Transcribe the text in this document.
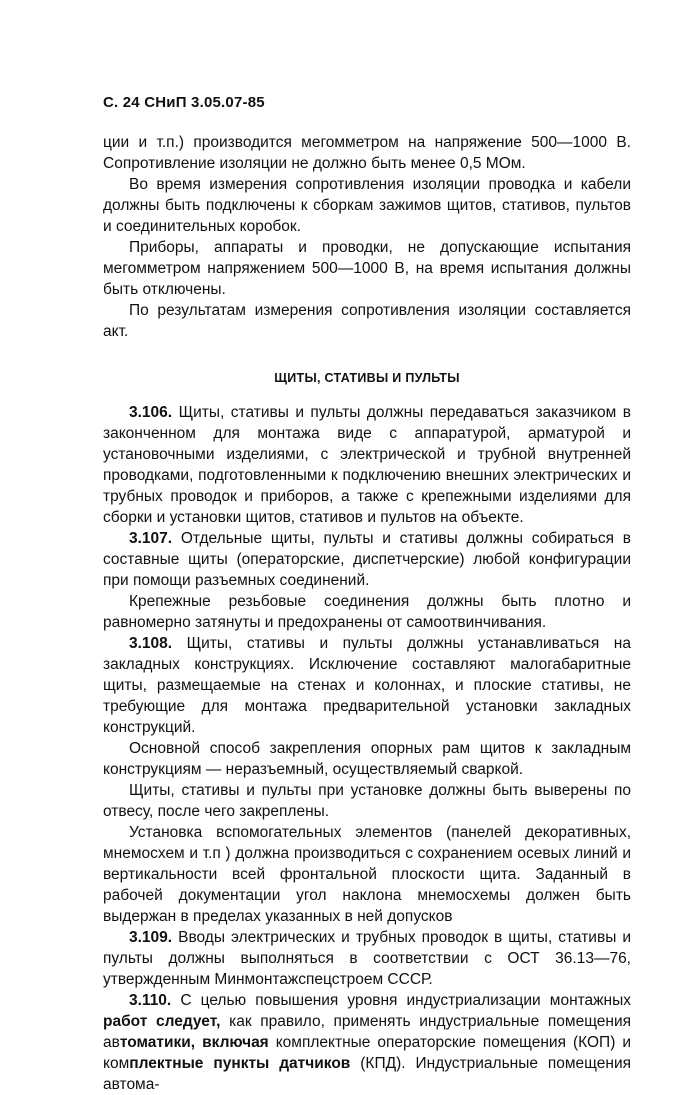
С. 24 СНиП 3.05.07-85

ции и т.п.) производится мегомметром на напряжение 500—1000 В. Сопротивление изоляции не должно быть менее 0,5 МОм.

Во время измерения сопротивления изоляции проводка и кабели должны быть подключены к сборкам зажимов щитов, стативов, пультов и соединительных коробок.

Приборы, аппараты и проводки, не допускающие испытания мегомметром напряжением 500—1000 В, на время испытания должны быть отключены.

По результатам измерения сопротивления изоляции составляется акт.

ЩИТЫ, СТАТИВЫ И ПУЛЬТЫ

3.106. Щиты, стативы и пульты должны передаваться заказчиком в законченном для монтажа виде с аппаратурой, арматурой и установочными изделиями, с электрической и трубной внутренней проводками, подготовленными к подключению внешних электрических и трубных проводок и приборов, а также с крепежными изделиями для сборки и установки щитов, стативов и пультов на объекте.

3.107. Отдельные щиты, пульты и стативы должны собираться в составные щиты (операторские, диспетчерские) любой конфигурации при помощи разъемных соединений.

Крепежные резьбовые соединения должны быть плотно и равномерно затянуты и предохранены от самоотвинчивания.

3.108. Щиты, стативы и пульты должны устанавливаться на закладных конструкциях. Исключение составляют малогабаритные щиты, размещаемые на стенах и колоннах, и плоские стативы, не требующие для монтажа предварительной установки закладных конструкций.

Основной способ закрепления опорных рам щитов к закладным конструкциям — неразъемный, осуществляемый сваркой.

Щиты, стативы и пульты при установке должны быть выверены по отвесу, после чего закреплены.

Установка вспомогательных элементов (панелей декоративных, мнемосхем и т.п ) должна производиться с сохранением осевых линий и вертикальности всей фронтальной плоскости щита. Заданный в рабочей документации угол наклона мнемосхемы должен быть выдержан в пределах указанных в ней допусков

3.109. Вводы электрических и трубных проводок в щиты, стативы и пульты должны выполняться в соответствии с ОСТ 36.13—76, утвержденным Минмонтажспецстроем СССР.

3.110. С целью повышения уровня индустриализации монтажных работ следует, как правило, применять индустриальные помещения автоматики, включая комплектные операторские помещения (КОП) и комплектные пункты датчиков (КПД). Индустриальные помещения автома-
